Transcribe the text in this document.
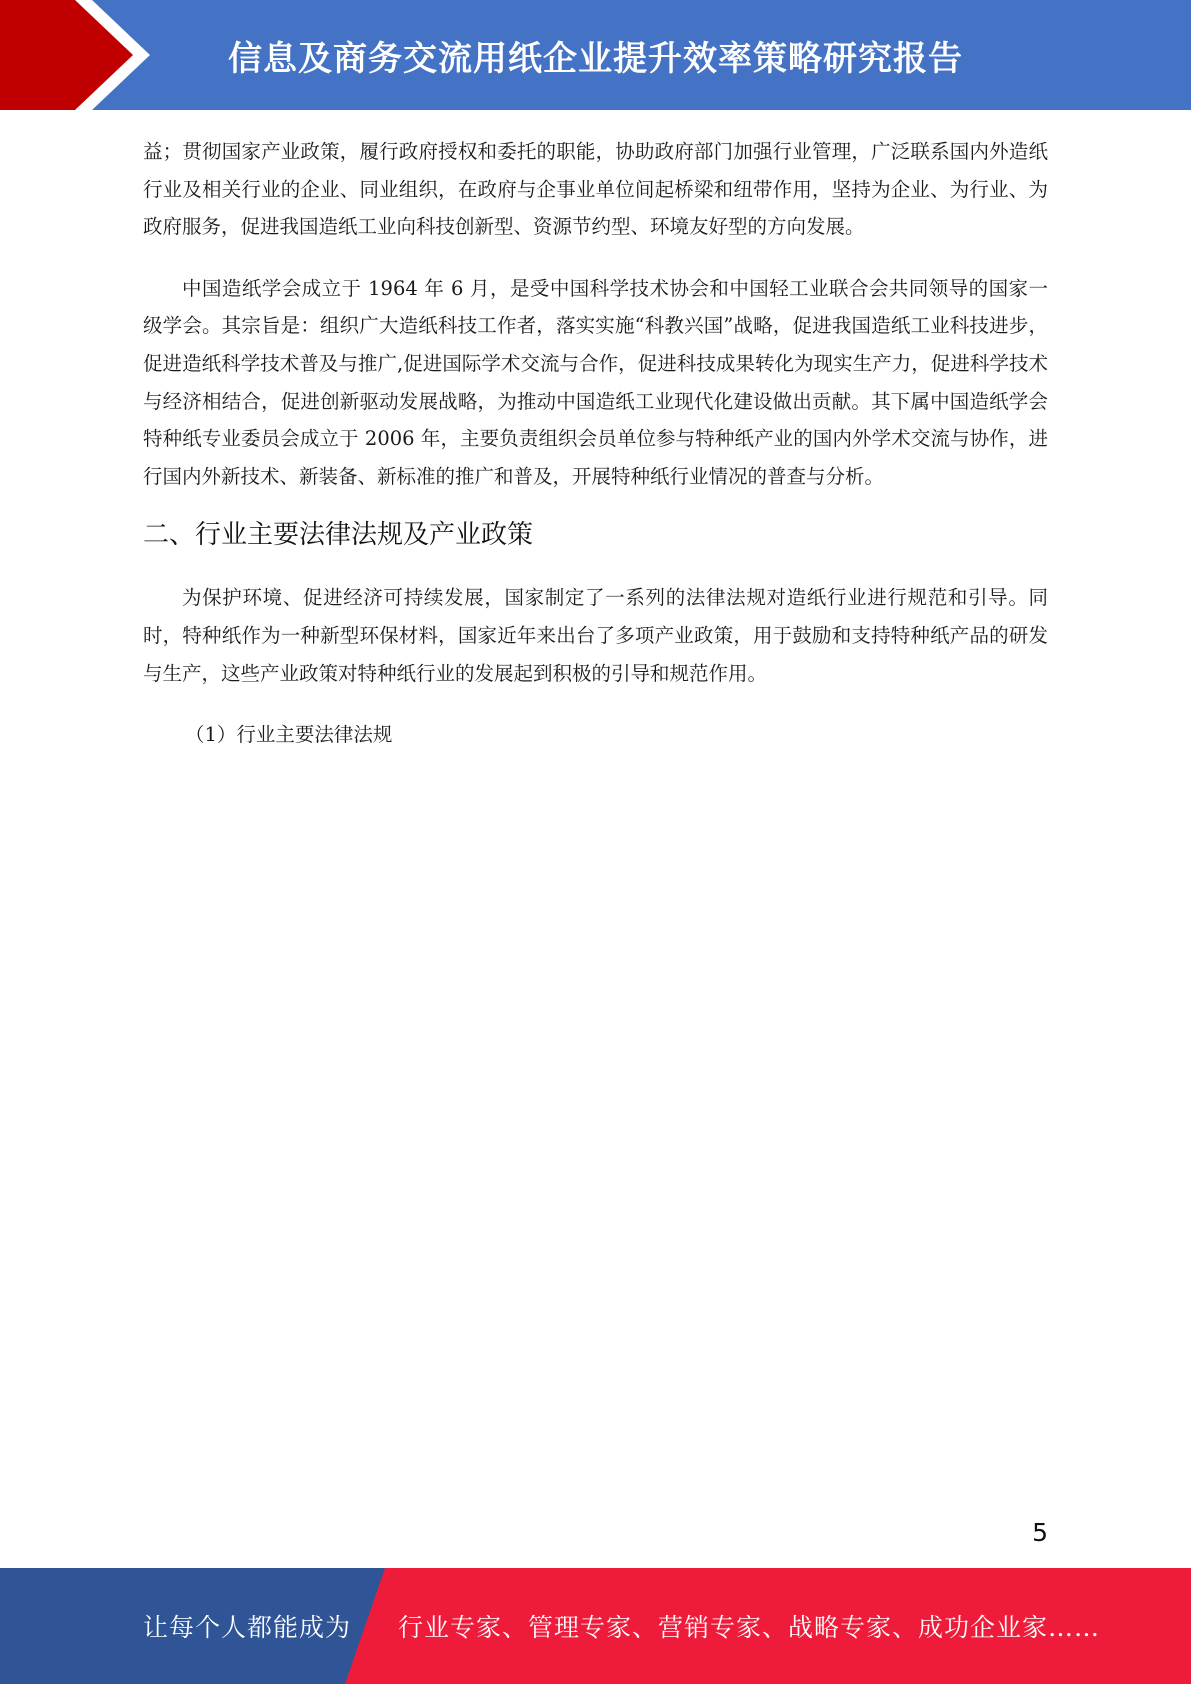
信息及商务交流用纸企业提升效率策略研究报告

益；贯彻国家产业政策，履行政府授权和委托的职能，协助政府部门加强行业管理，广泛联系国内外造纸行业及相关行业的企业、同业组织，在政府与企事业单位间起桥梁和纽带作用，坚持为企业、为行业、为政府服务，促进我国造纸工业向科技创新型、资源节约型、环境友好型的方向发展。

中国造纸学会成立于 1964 年 6 月，是受中国科学技术协会和中国轻工业联合会共同领导的国家一级学会。其宗旨是：组织广大造纸科技工作者，落实实施“科教兴国”战略，促进我国造纸工业科技进步，促进造纸科学技术普及与推广,促进国际学术交流与合作，促进科技成果转化为现实生产力，促进科学技术与经济相结合，促进创新驱动发展战略，为推动中国造纸工业现代化建设做出贡献。其下属中国造纸学会特种纸专业委员会成立于 2006 年，主要负责组织会员单位参与特种纸产业的国内外学术交流与协作，进行国内外新技术、新装备、新标准的推广和普及，开展特种纸行业情况的普查与分析。

二、行业主要法律法规及产业政策

为保护环境、促进经济可持续发展，国家制定了一系列的法律法规对造纸行业进行规范和引导。同时，特种纸作为一种新型环保材料，国家近年来出台了多项产业政策，用于鼓励和支持特种纸产品的研发与生产，这些产业政策对特种纸行业的发展起到积极的引导和规范作用。

（1）行业主要法律法规

5
让每个人都能成为 行业专家、管理专家、营销专家、战略专家、成功企业家……
